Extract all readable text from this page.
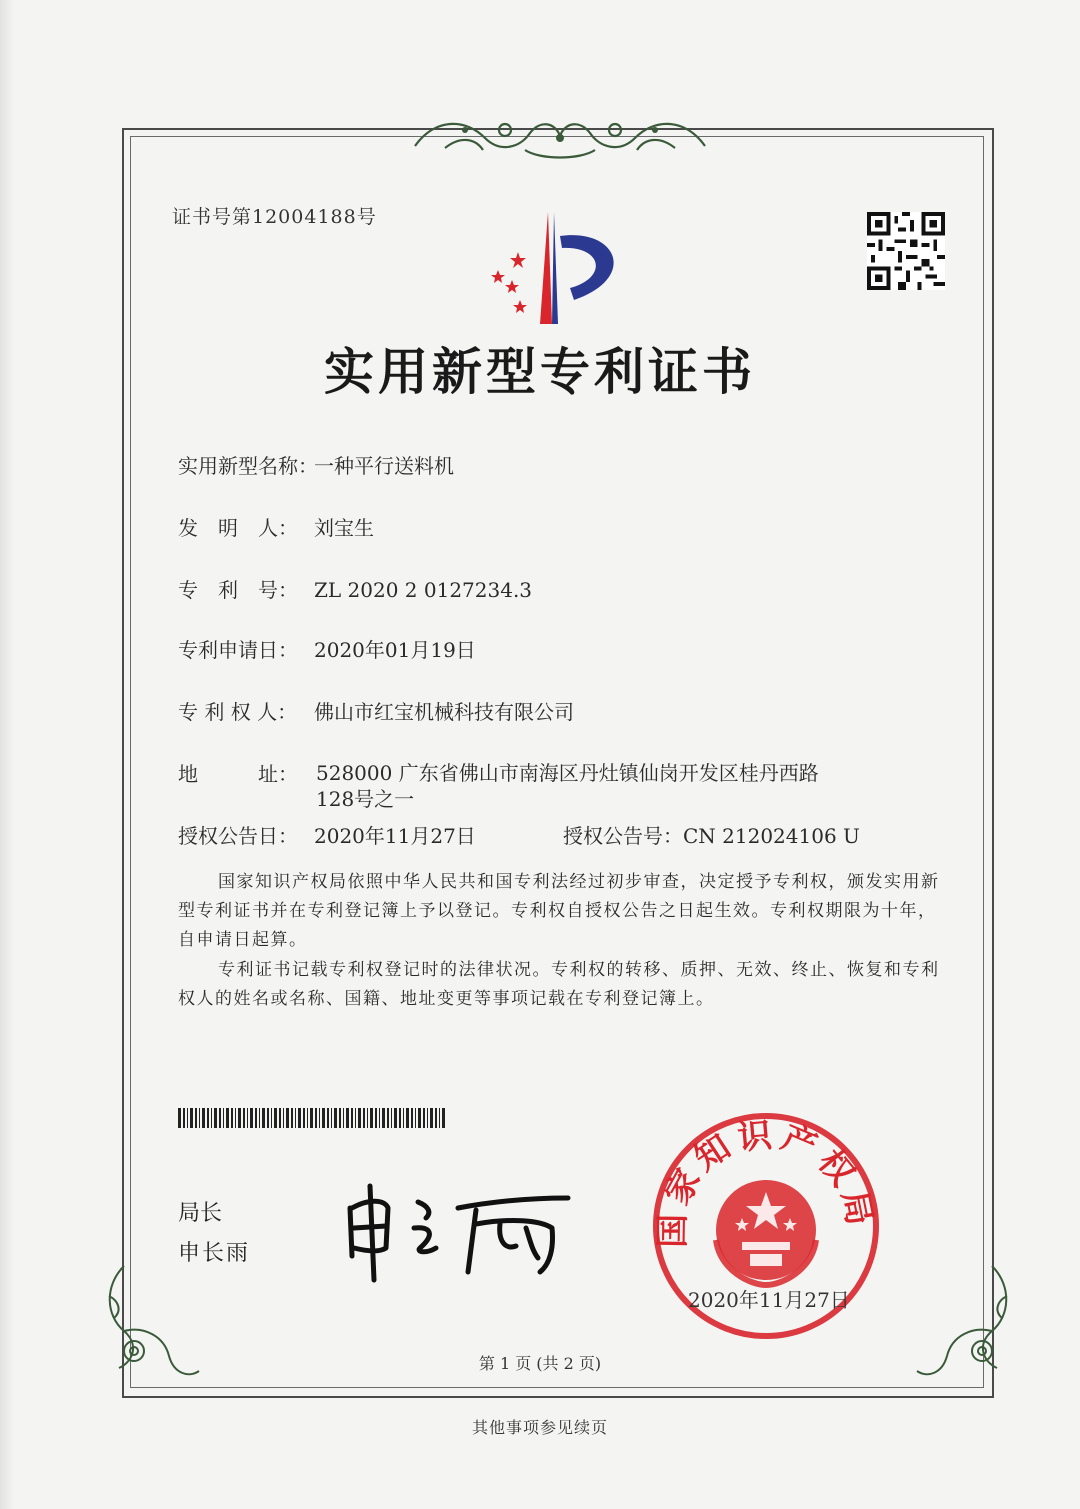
证书号第12004188号
实用新型专利证书
实用新型名称：一种平行送料机
发　明　人： 刘宝生
专　利　号： ZL 2020 2 0127234.3
专利申请日： 2020年01月19日
专 利 权 人： 佛山市红宝机械科技有限公司
地　　　址： 528000 广东省佛山市南海区丹灶镇仙岗开发区桂丹西路 128号之一
授权公告日： 2020年11月27日	授权公告号：CN 212024106 U
国家知识产权局依照中华人民共和国专利法经过初步审查，决定授予专利权，颁发实用新型专利证书并在专利登记簿上予以登记。专利权自授权公告之日起生效。专利权期限为十年，自申请日起算。
专利证书记载专利权登记时的法律状况。专利权的转移、质押、无效、终止、恢复和专利权人的姓名或名称、国籍、地址变更等事项记载在专利登记簿上。
局长
申长雨
国家知识产权局
2020年11月27日
第 1 页 (共 2 页)
其他事项参见续页
